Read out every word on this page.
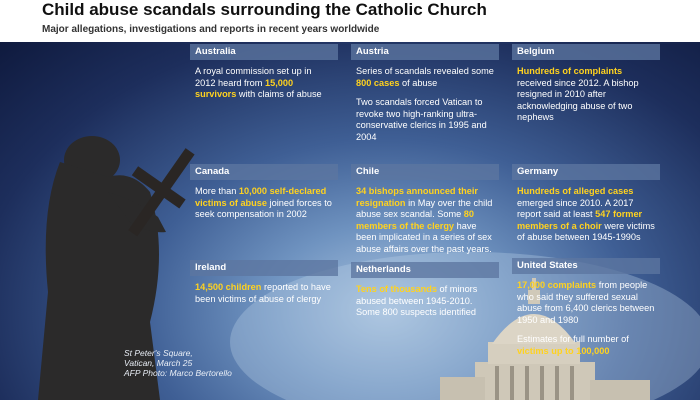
Child abuse scandals surrounding the Catholic Church
Major allegations, investigations and reports in recent years worldwide
Australia

A royal commission set up in 2012 heard from 15,000 survivors with claims of abuse

Austria

Series of scandals revealed some 800 cases of abuse

Two scandals forced Vatican to revoke two high-ranking ultra-conservative clerics in 1995 and 2004

Belgium

Hundreds of complaints received since 2012. A bishop resigned in 2010 after acknowledging abuse of two nephews

Canada

More than 10,000 self-declared victims of abuse joined forces to seek compensation in 2002

Chile

34 bishops announced their resignation in May over the child abuse sex scandal. Some 80 members of the clergy have been implicated in a series of sex abuse affairs over the past years.

Germany

Hundreds of alleged cases emerged since 2010. A 2017 report said at least 547 former members of a choir were victims of abuse between 1945-1990s

Ireland

14,500 children reported to have been victims of abuse of clergy

Netherlands

Tens of thousands of minors abused between 1945-2010. Some 800 suspects identified

United States

17,000 complaints from people who said they suffered sexual abuse from 6,400 clerics between 1950 and 1980

Estimates for full number of victims up to 100,000

St Peter's Square,
Vatican, March 25
AFP Photo: Marco Bertorello
